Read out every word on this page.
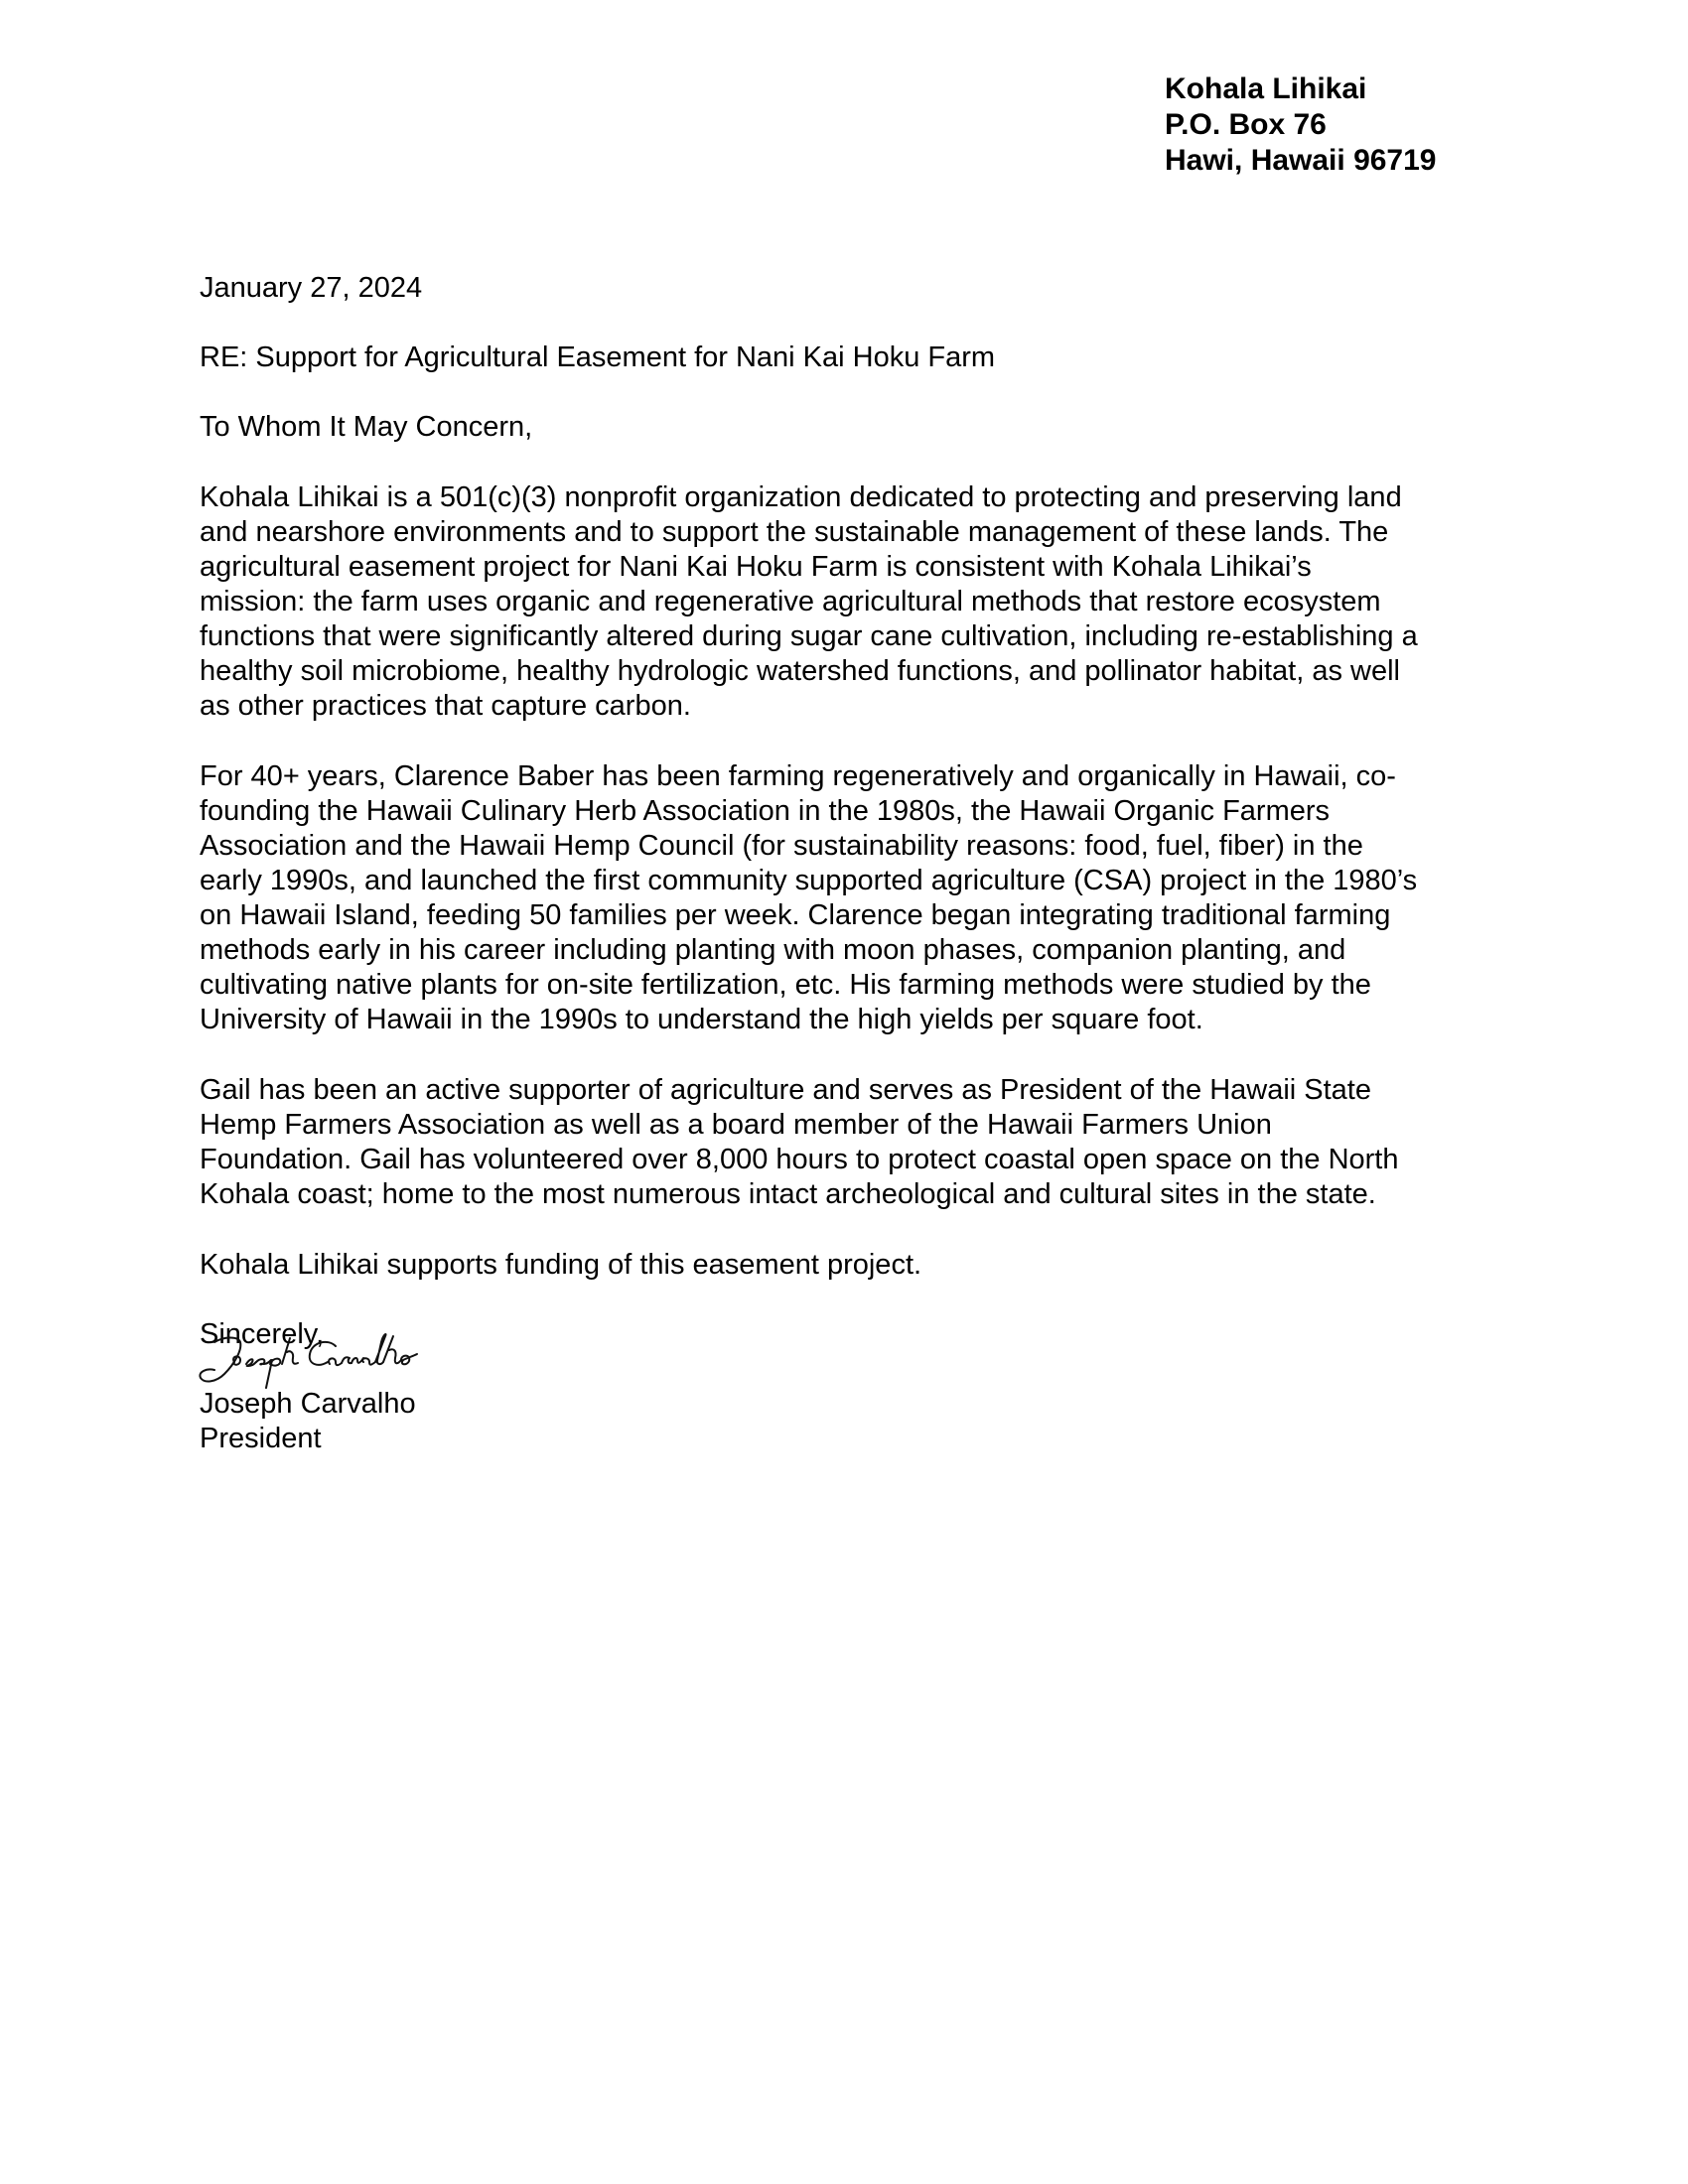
Kohala Lihikai
P.O. Box 76
Hawi, Hawaii 96719
January 27, 2024
RE: Support for Agricultural Easement for Nani Kai Hoku Farm
To Whom It May Concern,
Kohala Lihikai is a 501(c)(3) nonprofit organization dedicated to protecting and preserving land
and nearshore environments and to support the sustainable management of these lands. The
agricultural easement project for Nani Kai Hoku Farm is consistent with Kohala Lihikai’s
mission: the farm uses organic and regenerative agricultural methods that restore ecosystem
functions that were significantly altered during sugar cane cultivation, including re-establishing a
healthy soil microbiome, healthy hydrologic watershed functions, and pollinator habitat, as well
as other practices that capture carbon.
For 40+ years, Clarence Baber has been farming regeneratively and organically in Hawaii, co-
founding the Hawaii Culinary Herb Association in the 1980s, the Hawaii Organic Farmers
Association and the Hawaii Hemp Council (for sustainability reasons: food, fuel, fiber) in the
early 1990s, and launched the first community supported agriculture (CSA) project in the 1980’s
on Hawaii Island, feeding 50 families per week. Clarence began integrating traditional farming
methods early in his career including planting with moon phases, companion planting, and
cultivating native plants for on-site fertilization, etc. His farming methods were studied by the
University of Hawaii in the 1990s to understand the high yields per square foot.
Gail has been an active supporter of agriculture and serves as President of the Hawaii State
Hemp Farmers Association as well as a board member of the Hawaii Farmers Union
Foundation. Gail has volunteered over 8,000 hours to protect coastal open space on the North
Kohala coast; home to the most numerous intact archeological and cultural sites in the state.
Kohala Lihikai supports funding of this easement project.
Sincerely,
Joseph Carvalho
President
